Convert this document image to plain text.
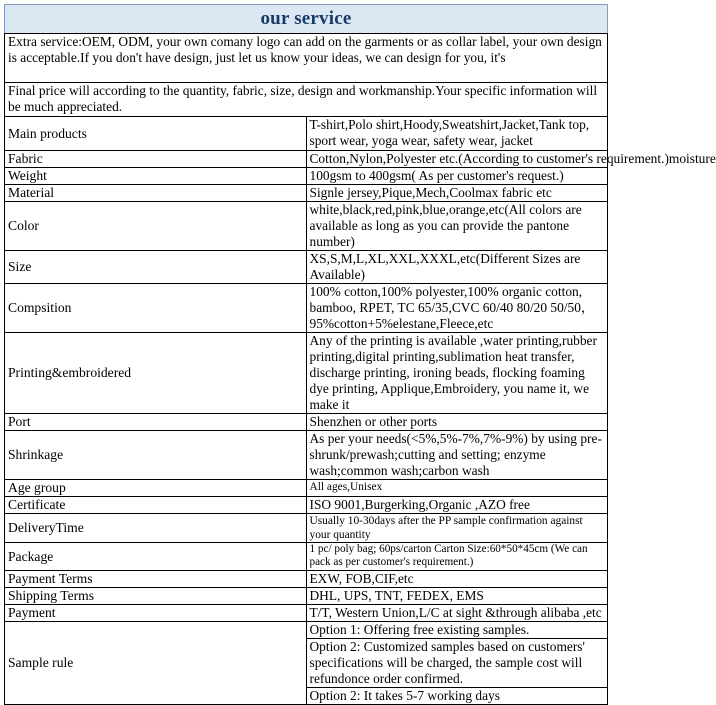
our service
Extra service:OEM, ODM, your own comany logo can add on the garments or as collar label, your own design is acceptable.If you don't have design, just let us know your ideas, we can design for you, it's	
Final price will according to the quantity, fabric, size, design and workmanship.Your specific information will be much appreciated.	
Main products	T-shirt,Polo shirt,Hoody,Sweatshirt,Jacket,Tank top, sport wear, yoga wear, safety wear, jacket
Fabric	Cotton,Nylon,Polyester etc.(According to customer's requirement.)moisture
Weight	100gsm to 400gsm( As per customer's request.)
Material	Signle jersey,Pique,Mech,Coolmax fabric etc
Color	white,black,red,pink,blue,orange,etc(All colors are available as long as you can provide the pantone number)
Size	XS,S,M,L,XL,XXL,XXXL,etc(Different Sizes are Available)
Compsition	100% cotton,100% polyester,100% organic cotton, bamboo, RPET, TC 65/35,CVC 60/40 80/20 50/50，95%cotton+5%elestane,Fleece,etc
Printing&embroidered	Any of the printing is available ,water printing,rubber printing,digital printing,sublimation heat transfer, discharge printing, ironing beads, flocking foaming dye printing, Applique,Embroidery, you name it, we make it
Port	Shenzhen or other ports
Shrinkage	As per your needs(<5%,5%-7%,7%-9%) by using pre-shrunk/prewash;cutting and setting; enzyme wash;common wash;carbon wash
Age group	All ages,Unisex
Certificate	ISO 9001,Burgerking,Organic ,AZO free
DeliveryTime	Usually 10-30days after the PP sample confirmation against your quantity
Package	1 pc/ poly bag; 60ps/carton Carton Size:60*50*45cm (We can pack as per customer's requirement.)
Payment Terms	EXW, FOB,CIF,etc
Shipping Terms	DHL, UPS, TNT, FEDEX, EMS
Payment	T/T, Western Union,L/C at sight &through alibaba ,etc
Sample rule	Option 1: Offering free existing samples.
	Option 2: Customized samples based on customers' specifications will be charged, the sample cost will refundonce order confirmed.
	Option 2: It takes 5-7 working days
